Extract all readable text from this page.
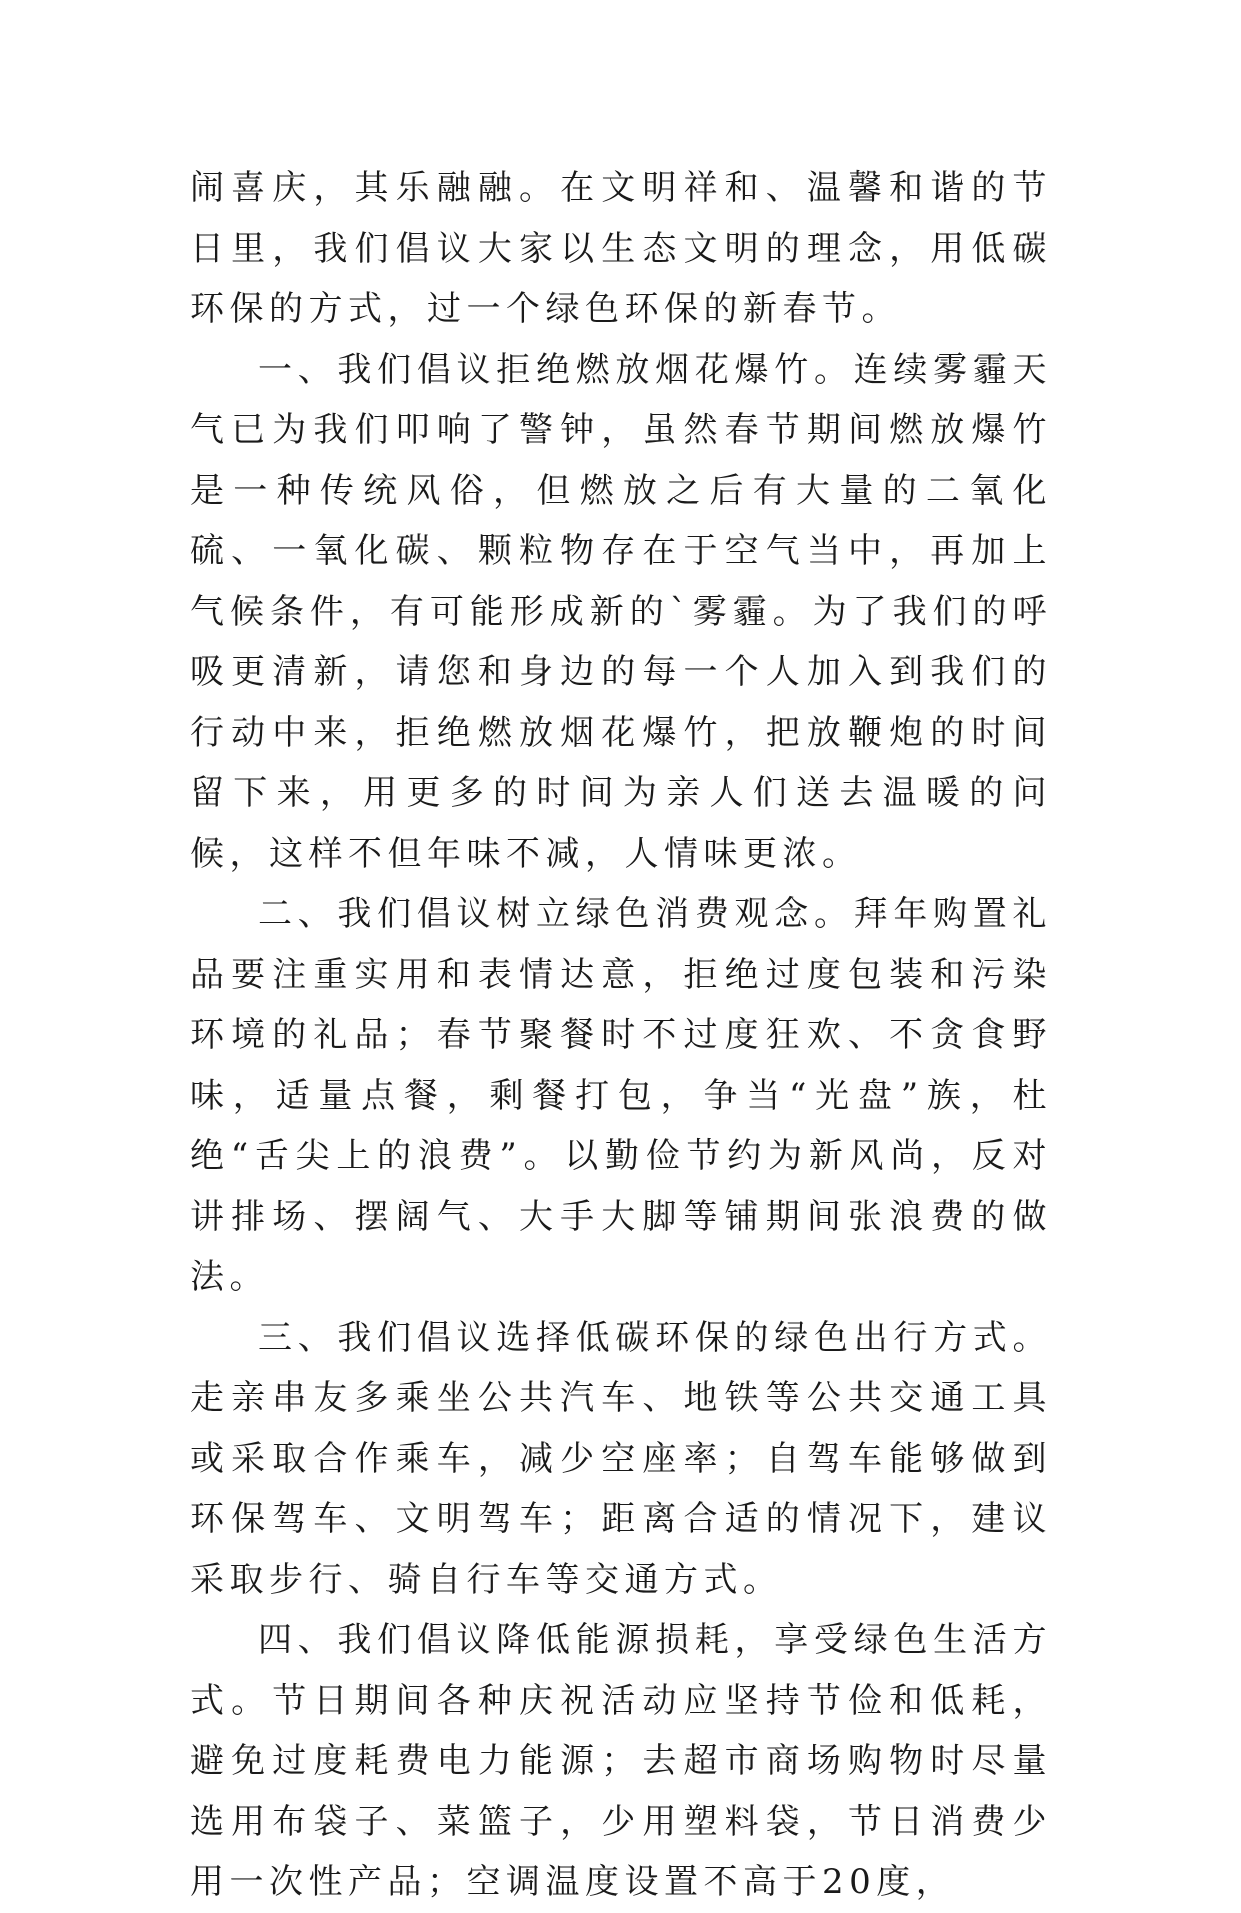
闹喜庆，其乐融融。在文明祥和、温馨和谐的节日里，我们倡议大家以生态文明的理念，用低碳环保的方式，过一个绿色环保的新春节。

一、我们倡议拒绝燃放烟花爆竹。连续雾霾天气已为我们叩响了警钟，虽然春节期间燃放爆竹是一种传统风俗，但燃放之后有大量的二氧化硫、一氧化碳、颗粒物存在于空气当中，再加上气候条件，有可能形成新的`雾霾。为了我们的呼吸更清新，请您和身边的每一个人加入到我们的行动中来，拒绝燃放烟花爆竹，把放鞭炮的时间留下来，用更多的时间为亲人们送去温暖的问候，这样不但年味不减，人情味更浓。

二、我们倡议树立绿色消费观念。拜年购置礼品要注重实用和表情达意，拒绝过度包装和污染环境的礼品；春节聚餐时不过度狂欢、不贪食野味，适量点餐，剩餐打包，争当“光盘”族，杜绝“舌尖上的浪费”。以勤俭节约为新风尚，反对讲排场、摆阔气、大手大脚等铺期间张浪费的做法。

三、我们倡议选择低碳环保的绿色出行方式。走亲串友多乘坐公共汽车、地铁等公共交通工具或采取合作乘车，减少空座率；自驾车能够做到环保驾车、文明驾车；距离合适的情况下，建议采取步行、骑自行车等交通方式。

四、我们倡议降低能源损耗，享受绿色生活方式。节日期间各种庆祝活动应坚持节俭和低耗，避免过度耗费电力能源；去超市商场购物时尽量选用布袋子、菜篮子，少用塑料袋，节日消费少用一次性产品；空调温度设置不高于20度，
